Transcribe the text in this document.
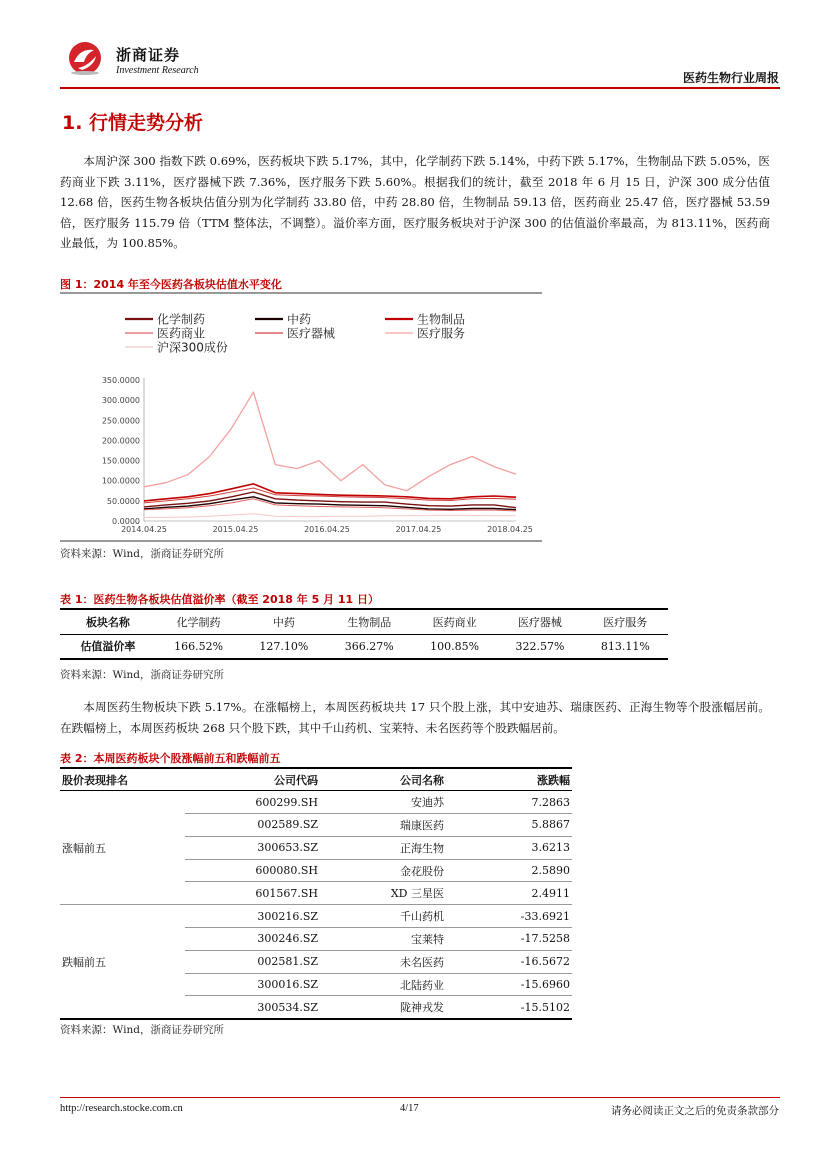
浙商证券
Investment Research
医药生物行业周报
1. 行情走势分析

本周沪深 300 指数下跌 0.69%，医药板块下跌 5.17%，其中，化学制药下跌 5.14%，中药下跌 5.17%，生物制品下跌 5.05%，医药商业下跌 3.11%，医疗器械下跌 7.36%，医疗服务下跌 5.60%。根据我们的统计，截至 2018 年 6 月 15 日，沪深 300 成分估值 12.68 倍，医药生物各板块估值分别为化学制药 33.80 倍，中药 28.80 倍，生物制品 59.13 倍，医药商业 25.47 倍，医疗器械 53.59 倍，医疗服务 115.79 倍（TTM 整体法，不调整）。溢价率方面，医疗服务板块对于沪深 300 的估值溢价率最高，为 813.11%，医药商业最低，为 100.85%。

图 1：2014 年至今医药各板块估值水平变化
化学制药	中药	生物制品
医药商业	医疗器械	医疗服务
沪深300成份
0.0000
50.0000
100.0000
150.0000
200.0000
250.0000
300.0000
350.0000
2014.04.25	2015.04.25	2016.04.25	2017.04.25	2018.04.25
资料来源：Wind，浙商证券研究所
表 1：医药生物各板块估值溢价率（截至 2018 年 5 月 11 日）
板块名称	化学制药	中药	生物制品	医药商业	医疗器械	医疗服务
估值溢价率	166.52%	127.10%	366.27%	100.85%	322.57%	813.11%
资料来源：Wind，浙商证券研究所

本周医药生物板块下跌 5.17%。在涨幅榜上，本周医药板块共 17 只个股上涨，其中安迪苏、瑞康医药、正海生物等个股涨幅居前。在跌幅榜上，本周医药板块 268 只个股下跌，其中千山药机、宝莱特、未名医药等个股跌幅居前。

表 2：本周医药板块个股涨幅前五和跌幅前五
股价表现排名	公司代码	公司名称	涨跌幅
涨幅前五	600299.SH	安迪苏	7.2863
	002589.SZ	瑞康医药	5.8867
	300653.SZ	正海生物	3.6213
	600080.SH	金花股份	2.5890
	601567.SH	XD 三星医	2.4911
跌幅前五	300216.SZ	千山药机	-33.6921
	300246.SZ	宝莱特	-17.5258
	002581.SZ	未名医药	-16.5672
	300016.SZ	北陆药业	-15.6960
	300534.SZ	陇神戎发	-15.5102
资料来源：Wind，浙商证券研究所
http://research.stocke.com.cn	4/17	请务必阅读正文之后的免责条款部分
